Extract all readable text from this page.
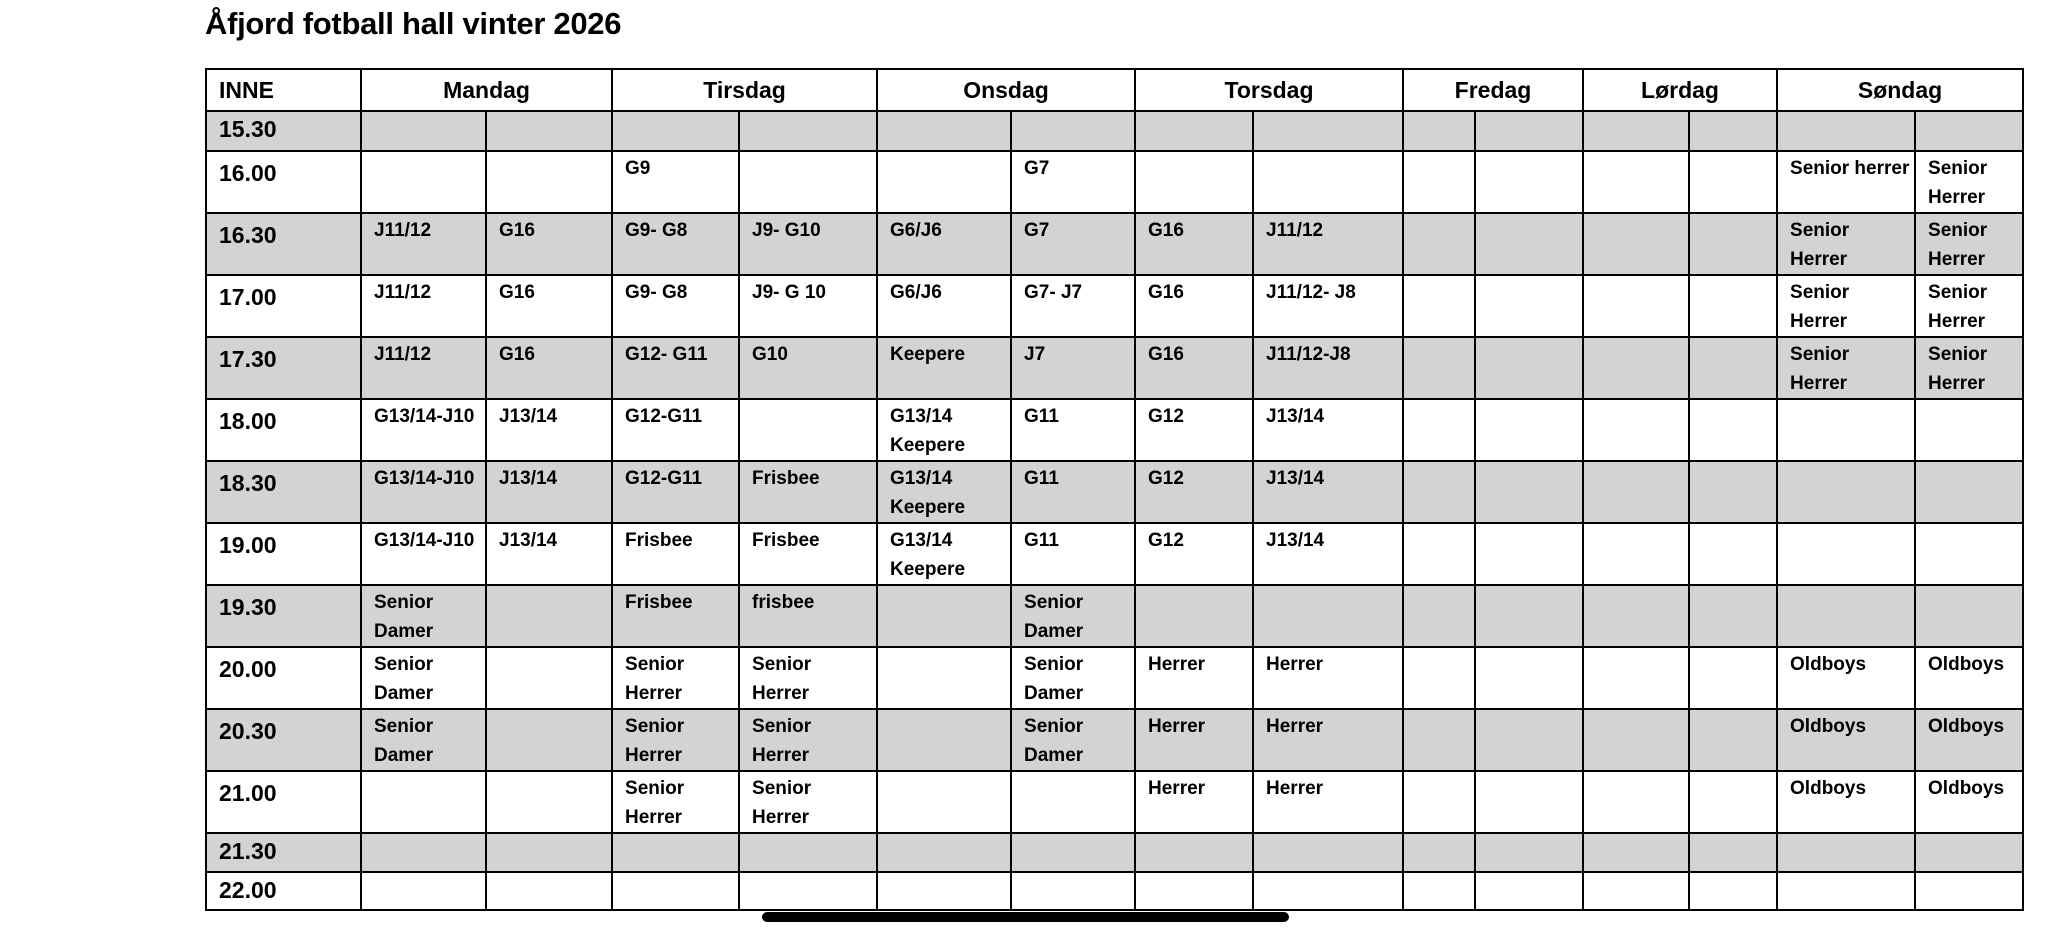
Åfjord fotball hall vinter 2026
INNE	Mandag		Tirsdag		Onsdag		Torsdag		Fredag		Lørdag		Søndag	
15.30														
16.00			G9			G7							Senior herrer	Senior Herrer
16.30	J11/12	G16	G9- G8	J9- G10	G6/J6	G7	G16	J11/12					Senior Herrer	Senior Herrer
17.00	J11/12	G16	G9- G8	J9- G 10	G6/J6	G7- J7	G16	J11/12- J8					Senior Herrer	Senior Herrer
17.30	J11/12	G16	G12- G11	G10	Keepere	J7	G16	J11/12-J8					Senior Herrer	Senior Herrer
18.00	G13/14-J10	J13/14	G12-G11		G13/14 Keepere	G11	G12	J13/14						
18.30	G13/14-J10	J13/14	G12-G11	Frisbee	G13/14 Keepere	G11	G12	J13/14						
19.00	G13/14-J10	J13/14	Frisbee	Frisbee	G13/14 Keepere	G11	G12	J13/14						
19.30	Senior Damer		Frisbee	frisbee		Senior Damer								
20.00	Senior Damer		Senior Herrer	Senior Herrer		Senior Damer	Herrer	Herrer					Oldboys	Oldboys
20.30	Senior Damer		Senior Herrer	Senior Herrer		Senior Damer	Herrer	Herrer					Oldboys	Oldboys
21.00			Senior Herrer	Senior Herrer			Herrer	Herrer					Oldboys	Oldboys
21.30														
22.00														
